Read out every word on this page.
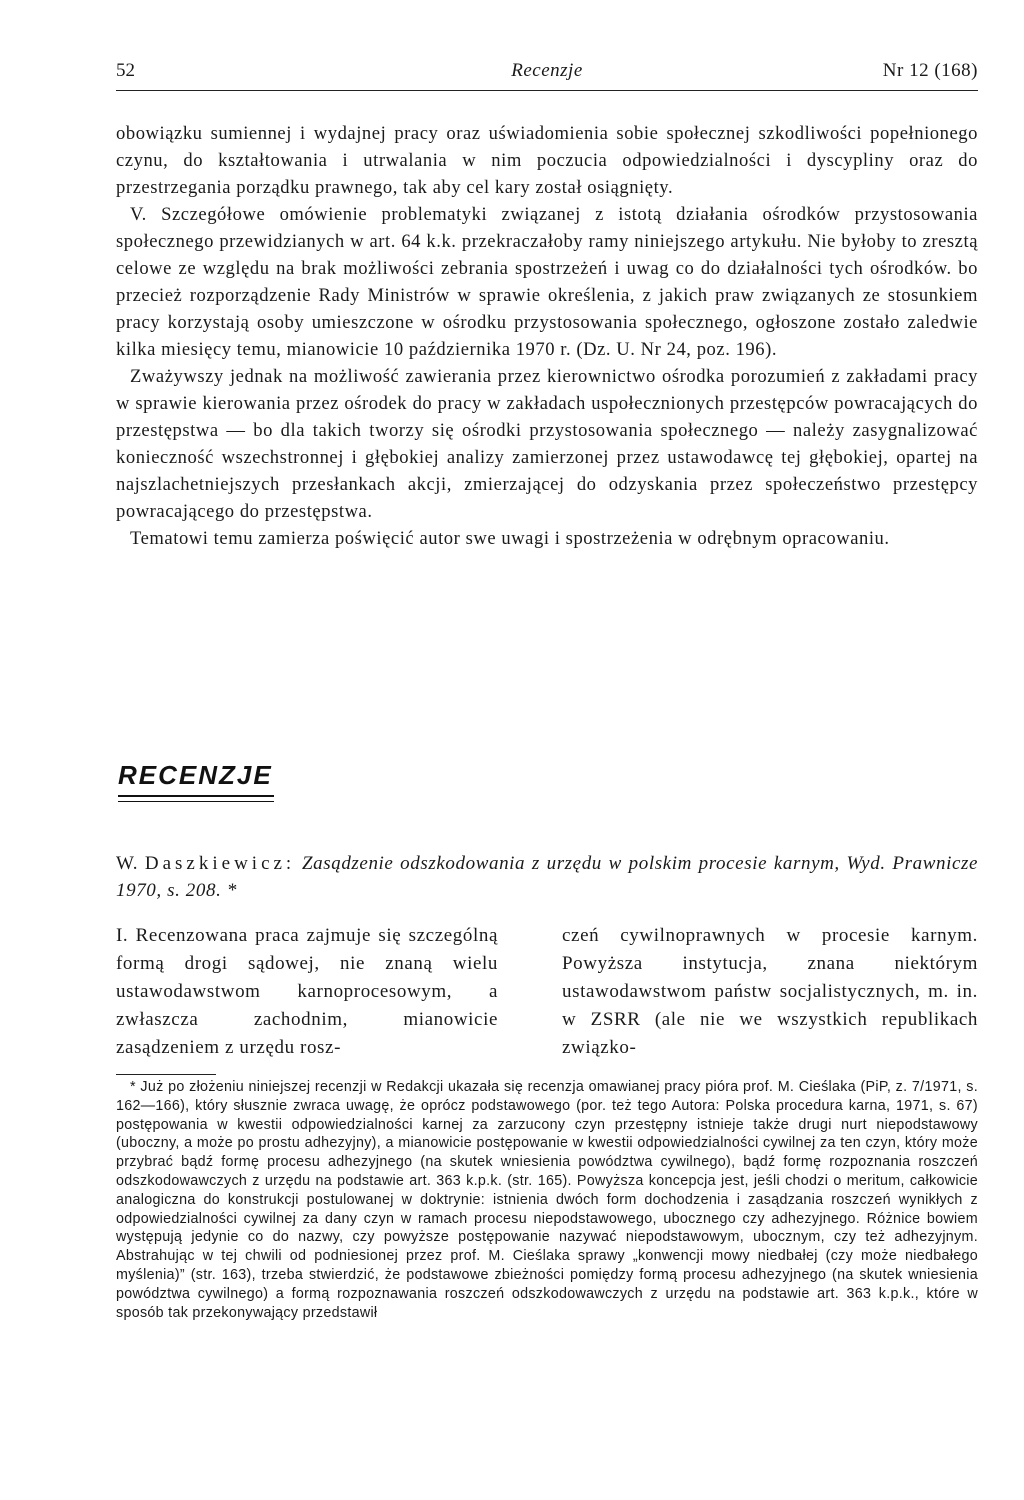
52	Recenzje	Nr 12 (168)

obowiązku sumiennej i wydajnej pracy oraz uświadomienia sobie społecznej szkodliwości popełnionego czynu, do kształtowania i utrwalania w nim poczucia odpowiedzialności i dyscypliny oraz do przestrzegania porządku prawnego, tak aby cel kary został osiągnięty.

V. Szczegółowe omówienie problematyki związanej z istotą działania ośrodków przystosowania społecznego przewidzianych w art. 64 k.k. przekraczałoby ramy niniejszego artykułu. Nie byłoby to zresztą celowe ze względu na brak możliwości zebrania spostrzeżeń i uwag co do działalności tych ośrodków. bo przecież rozporządzenie Rady Ministrów w sprawie określenia, z jakich praw związanych ze stosunkiem pracy korzystają osoby umieszczone w ośrodku przystosowania społecznego, ogłoszone zostało zaledwie kilka miesięcy temu, mianowicie 10 października 1970 r. (Dz. U. Nr 24, poz. 196).

Zważywszy jednak na możliwość zawierania przez kierownictwo ośrodka porozumień z zakładami pracy w sprawie kierowania przez ośrodek do pracy w zakładach uspołecznionych przestępców powracających do przestępstwa — bo dla takich tworzy się ośrodki przystosowania społecznego — należy zasygnalizować konieczność wszechstronnej i głębokiej analizy zamierzonej przez ustawodawcę tej głębokiej, opartej na najszlachetniejszych przesłankach akcji, zmierzającej do odzyskania przez społeczeństwo przestępcy powracającego do przestępstwa.

Tematowi temu zamierza poświęcić autor swe uwagi i spostrzeżenia w odrębnym opracowaniu.

RECENZJE
W. Daszkiewicz: Zasądzenie odszkodowania z urzędu w polskim procesie karnym, Wyd. Prawnicze 1970, s. 208. *

I. Recenzowana praca zajmuje się szczególną formą drogi sądowej, nie znaną wielu ustawodawstwom karnoprocesowym, a zwłaszcza zachodnim, mianowicie zasądzeniem z urzędu rosz-

czeń cywilnoprawnych w procesie karnym. Powyższa instytucja, znana niektórym ustawodawstwom państw socjalistycznych, m. in. w ZSRR (ale nie we wszystkich republikach związko-

* Już po złożeniu niniejszej recenzji w Redakcji ukazała się recenzja omawianej pracy pióra prof. M. Cieślaka (PiP, z. 7/1971, s. 162—166), który słusznie zwraca uwagę, że oprócz podstawowego (por. też tego Autora: Polska procedura karna, 1971, s. 67) postępowania w kwestii odpowiedzialności karnej za zarzucony czyn przestępny istnieje także drugi nurt niepodstawowy (uboczny, a może po prostu adhezyjny), a mianowicie postępowanie w kwestii odpowiedzialności cywilnej za ten czyn, który może przybrać bądź formę procesu adhezyjnego (na skutek wniesienia powództwa cywilnego), bądź formę rozpoznania roszczeń odszkodowawczych z urzędu na podstawie art. 363 k.p.k. (str. 165). Powyższa koncepcja jest, jeśli chodzi o meritum, całkowicie analogiczna do konstrukcji postulowanej w doktrynie: istnienia dwóch form dochodzenia i zasądzania roszczeń wynikłych z odpowiedzialności cywilnej za dany czyn w ramach procesu niepodstawowego, ubocznego czy adhezyjnego. Różnice bowiem występują jedynie co do nazwy, czy powyższe postępowanie nazywać niepodstawowym, ubocznym, czy też adhezyjnym. Abstrahując w tej chwili od podniesionej przez prof. M. Cieślaka sprawy „konwencji mowy niedbałej (czy może niedbałego myślenia)” (str. 163), trzeba stwierdzić, że podstawowe zbieżności pomiędzy formą procesu adhezyjnego (na skutek wniesienia powództwa cywilnego) a formą rozpoznawania roszczeń odszkodowawczych z urzędu na podstawie art. 363 k.p.k., które w sposób tak przekonywający przedstawił
